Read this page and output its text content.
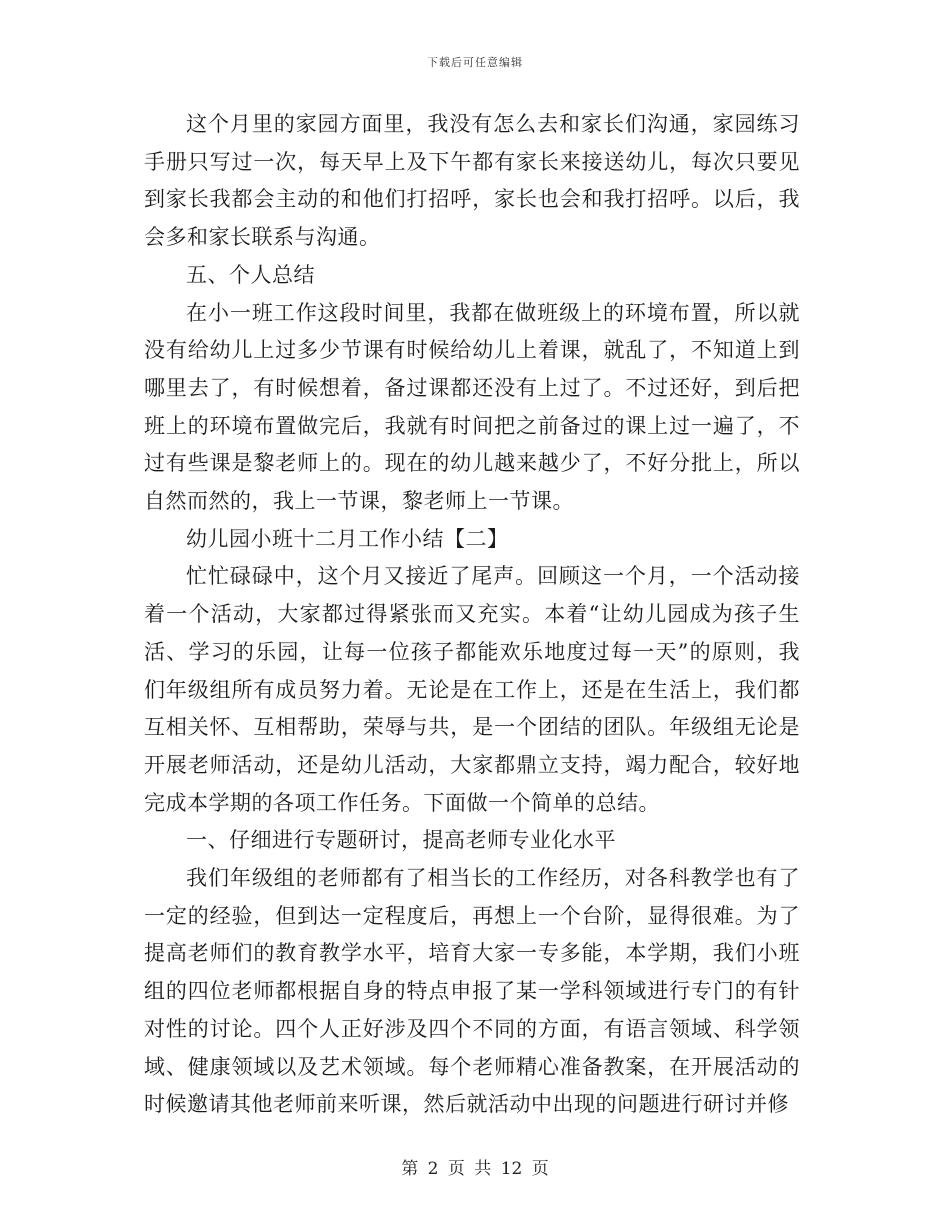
下载后可任意编辑

这个月里的家园方面里，我没有怎么去和家长们沟通，家园练习手册只写过一次，每天早上及下午都有家长来接送幼儿，每次只要见到家长我都会主动的和他们打招呼，家长也会和我打招呼。以后，我会多和家长联系与沟通。

五、个人总结

在小一班工作这段时间里，我都在做班级上的环境布置，所以就没有给幼儿上过多少节课有时候给幼儿上着课，就乱了，不知道上到哪里去了，有时候想着，备过课都还没有上过了。不过还好，到后把班上的环境布置做完后，我就有时间把之前备过的课上过一遍了，不过有些课是黎老师上的。现在的幼儿越来越少了，不好分批上，所以自然而然的，我上一节课，黎老师上一节课。

幼儿园小班十二月工作小结【二】

忙忙碌碌中，这个月又接近了尾声。回顾这一个月，一个活动接着一个活动，大家都过得紧张而又充实。本着“让幼儿园成为孩子生活、学习的乐园，让每一位孩子都能欢乐地度过每一天”的原则，我们年级组所有成员努力着。无论是在工作上，还是在生活上，我们都互相关怀、互相帮助，荣辱与共，是一个团结的团队。年级组无论是开展老师活动，还是幼儿活动，大家都鼎立支持，竭力配合，较好地完成本学期的各项工作任务。下面做一个简单的总结。

一、仔细进行专题研讨，提高老师专业化水平

我们年级组的老师都有了相当长的工作经历，对各科教学也有了一定的经验，但到达一定程度后，再想上一个台阶，显得很难。为了提高老师们的教育教学水平，培育大家一专多能，本学期，我们小班组的四位老师都根据自身的特点申报了某一学科领域进行专门的有针对性的讨论。四个人正好涉及四个不同的方面，有语言领域、科学领域、健康领域以及艺术领域。每个老师精心准备教案，在开展活动的时候邀请其他老师前来听课，然后就活动中出现的问题进行研讨并修

第 2 页 共 12 页
